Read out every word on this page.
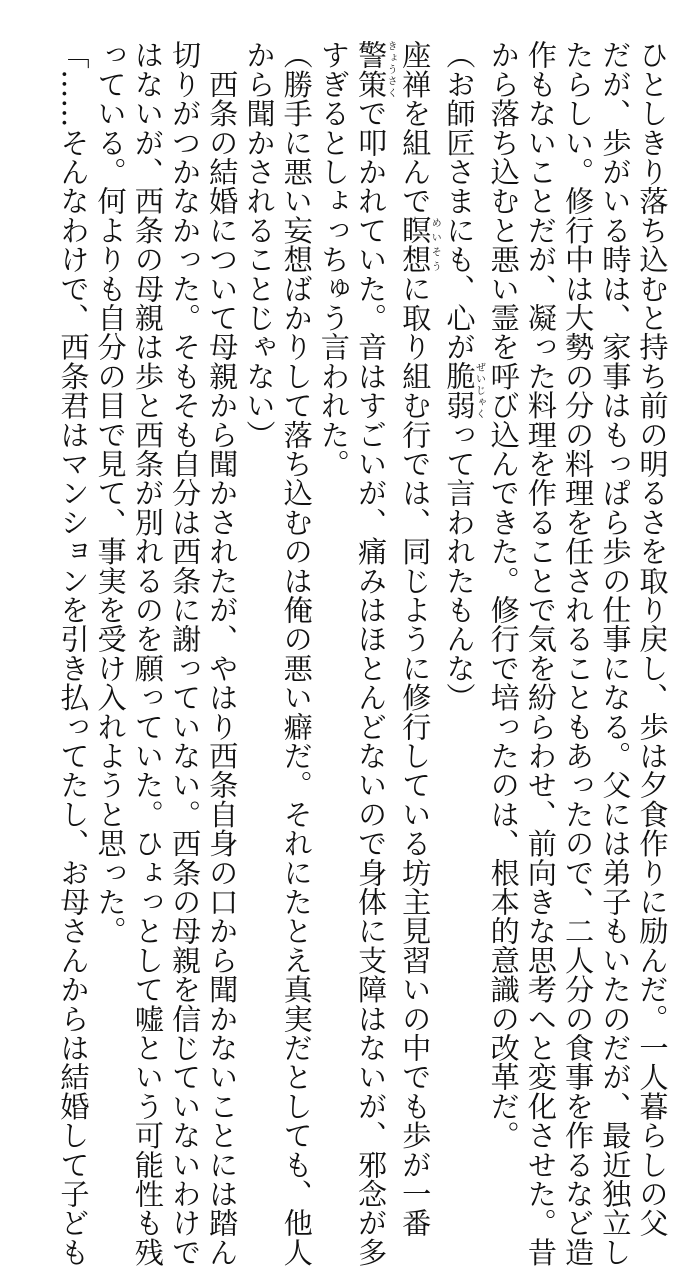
ひとしきり落ち込むと持ち前の明るさを取り戻し、歩は夕食作りに励んだ。一人暮らしの父

だが、歩がいる時は、家事はもっぱら歩の仕事になる。父には弟子もいたのだが、最近独立し

たらしい。修行中は大勢の分の料理を任されることもあったので、二人分の食事を作るなど造

作もないことだが、凝った料理を作ることで気を紛らわせ、前向きな思考へと変化させた。昔

から落ち込むと悪い霊を呼び込んできた。修行で培ったのは、根本的意識の改革だ。

（お師匠さまにも、心が脆弱ぜいじゃくって言われたもんな）

座禅を組んで瞑想めいそうに取り組む行では、同じように修行している坊主見習いの中でも歩が一番

警策きょうさくで叩かれていた。音はすごいが、痛みはほとんどないので身体に支障はないが、邪念が多

すぎるとしょっちゅう言われた。

（勝手に悪い妄想ばかりして落ち込むのは俺の悪い癖だ。それにたとえ真実だとしても、他人

から聞かされることじゃない）

　西条の結婚について母親から聞かされたが、やはり西条自身の口から聞かないことには踏ん

切りがつかなかった。そもそも自分は西条に謝っていない。西条の母親を信じていないわけで

はないが、西条の母親は歩と西条が別れるのを願っていた。ひょっとして嘘という可能性も残

っている。何よりも自分の目で見て、事実を受け入れようと思った。

「……そんなわけで、西条君はマンションを引き払ってたし、お母さんからは結婚して子ども
